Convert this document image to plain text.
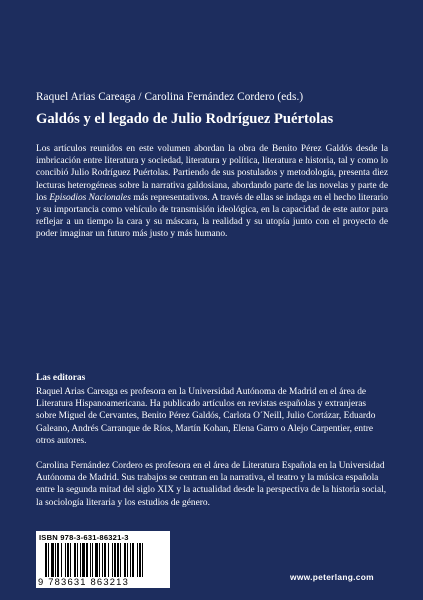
Raquel Arias Careaga / Carolina Fernández Cordero (eds.)
Galdós y el legado de Julio Rodríguez Puértolas
Los artículos reunidos en este volumen abordan la obra de Benito Pérez Galdós desde la imbricación entre literatura y sociedad, literatura y política, literatura e historia, tal y como lo concibió Julio Rodríguez Puértolas. Partiendo de sus postulados y metodología, presenta diez lecturas heterogéneas sobre la narrativa galdosiana, abordando parte de las novelas y parte de los Episodios Nacionales más representativos. A través de ellas se indaga en el hecho literario y su importancia como vehículo de transmisión ideológica, en la capacidad de este autor para reflejar a un tiempo la cara y su máscara, la realidad y su utopía junto con el proyecto de poder imaginar un futuro más justo y más humano.
Las editoras
Raquel Arias Careaga es profesora en la Universidad Autónoma de Madrid en el área de Literatura Hispanoamericana. Ha publicado artículos en revistas españolas y extranjeras sobre Miguel de Cervantes, Benito Pérez Galdós, Carlota O´Neill, Julio Cortázar, Eduardo Galeano, Andrés Carranque de Ríos, Martín Kohan, Elena Garro o Alejo Carpentier, entre otros autores.
Carolina Fernández Cordero es profesora en el área de Literatura Española en la Universidad Autónoma de Madrid. Sus trabajos se centran en la narrativa, el teatro y la música española entre la segunda mitad del siglo XIX y la actualidad desde la perspectiva de la historia social, la sociología literaria y los estudios de género.
ISBN 978-3-631-86321-3
9 783631 863213	www.peterlang.com
